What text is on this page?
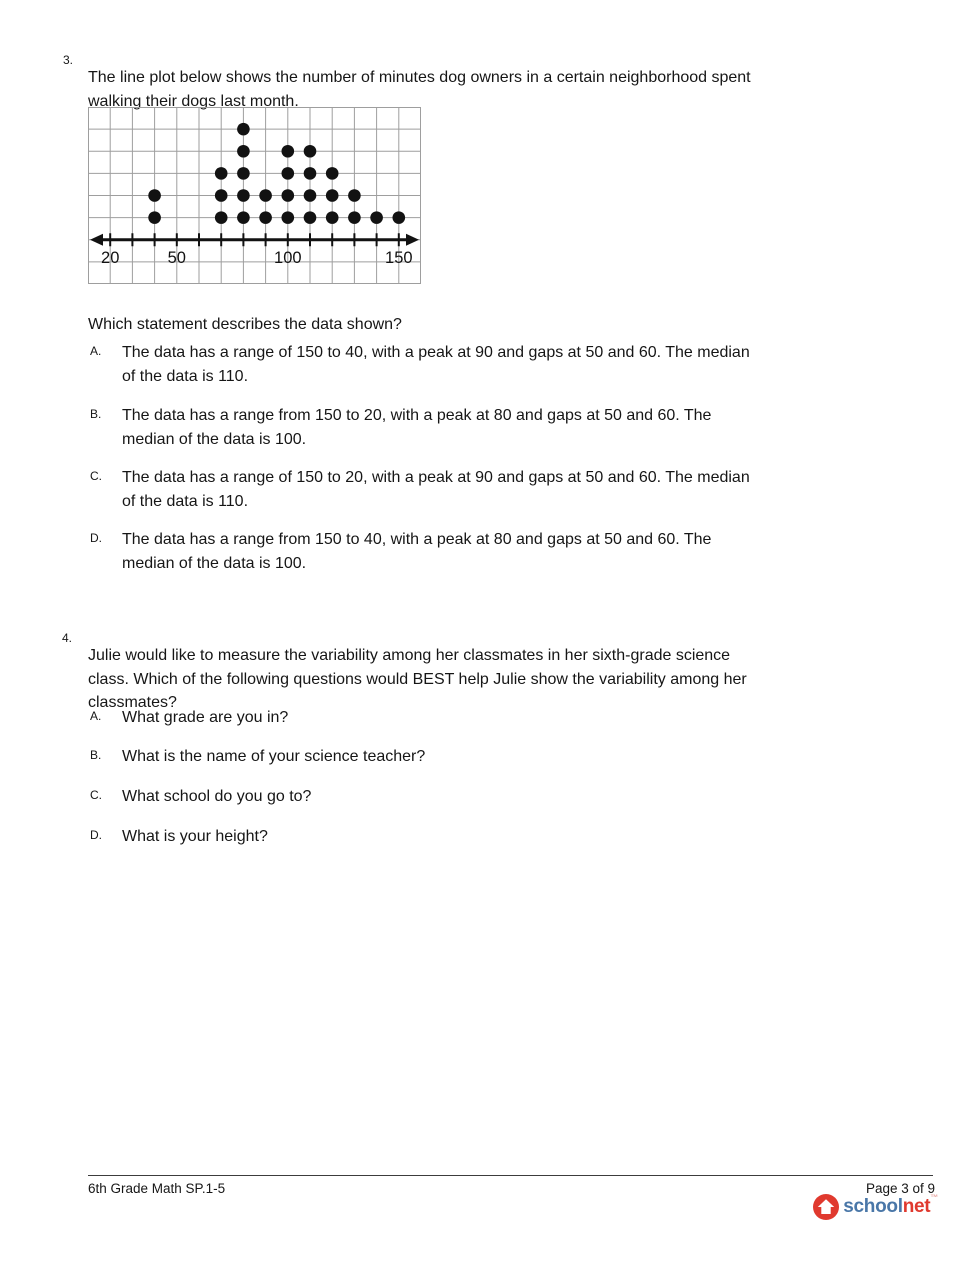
3.

The line plot below shows the number of minutes dog owners in a certain neighborhood spent walking their dogs last month.

20	50	100	150

Which statement describes the data shown?

A.	The data has a range of 150 to 40, with a peak at 90 and gaps at 50 and 60. The median of the data is 110.
B.	The data has a range from 150 to 20, with a peak at 80 and gaps at 50 and 60. The median of the data is 100.
C.	The data has a range of 150 to 20, with a peak at 90 and gaps at 50 and 60. The median of the data is 110.
D.	The data has a range from 150 to 40, with a peak at 80 and gaps at 50 and 60. The median of the data is 100.
4.

Julie would like to measure the variability among her classmates in her sixth-grade science class. Which of the following questions would BEST help Julie show the variability among her classmates?

A.	What grade are you in?
B.	What is the name of your science teacher?
C.	What school do you go to?
D.	What is your height?
6th Grade Math SP.1-5	Page 3 of 9
schoolnet™
